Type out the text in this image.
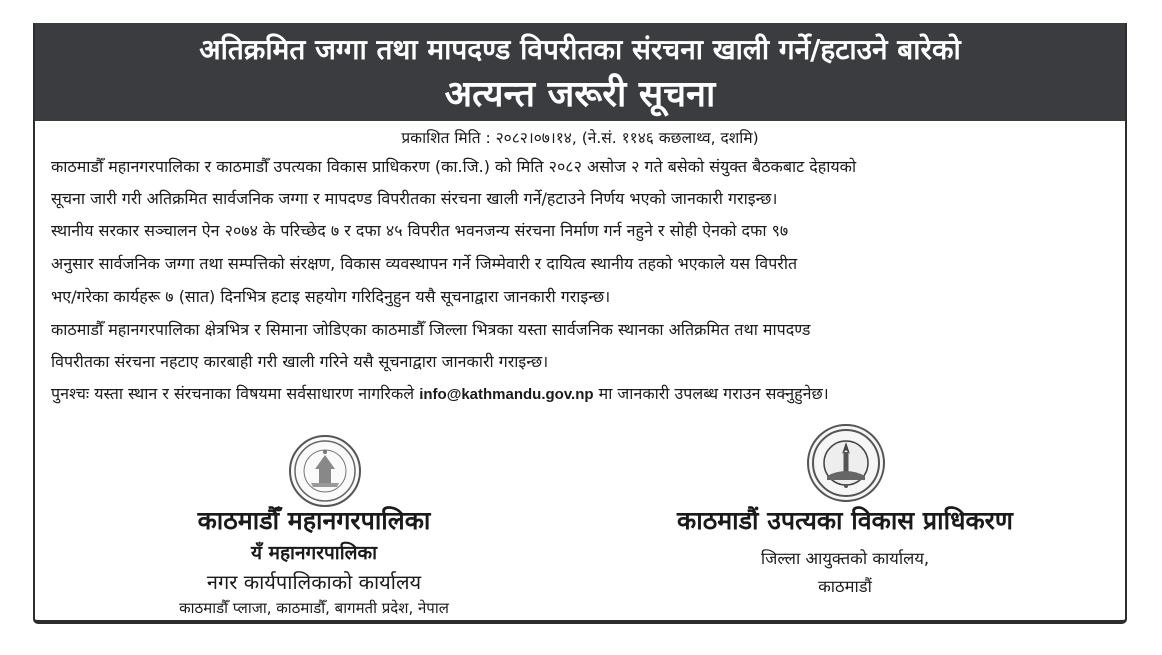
अतिक्रमित जग्गा तथा मापदण्ड विपरीतका संरचना खाली गर्ने/हटाउने बारेको
अत्यन्त जरूरी सूचना
प्रकाशित मिति : २०८२।०७।१४, (ने.सं. ११४६ कछलाथ्व, दशमि)
काठमाडौँ महानगरपालिका र काठमाडौँ उपत्यका विकास प्राधिकरण (का.जि.) को मिति २०८२ असोज २ गते बसेको संयुक्त बैठकबाट देहायको
सूचना जारी गरी अतिक्रमित सार्वजनिक जग्गा र मापदण्ड विपरीतका संरचना खाली गर्ने/हटाउने निर्णय भएको जानकारी गराइन्छ।
स्थानीय सरकार सञ्चालन ऐन २०७४ के परिच्छेद ७ र दफा ४५ विपरीत भवनजन्य संरचना निर्माण गर्न नहुने र सोही ऐनको दफा ९७
अनुसार सार्वजनिक जग्गा तथा सम्पत्तिको संरक्षण, विकास व्यवस्थापन गर्ने जिम्मेवारी र दायित्व स्थानीय तहको भएकाले यस विपरीत
भए/गरेका कार्यहरू ७ (सात) दिनभित्र हटाइ सहयोग गरिदिनुहुन यसै सूचनाद्वारा जानकारी गराइन्छ।
काठमाडौँ महानगरपालिका क्षेत्रभित्र र सिमाना जोडिएका काठमाडौँ जिल्ला भित्रका यस्ता सार्वजनिक स्थानका अतिक्रमित तथा मापदण्ड
विपरीतका संरचना नहटाए कारबाही गरी खाली गरिने यसै सूचनाद्वारा जानकारी गराइन्छ।
पुनश्चः यस्ता स्थान र संरचनाका विषयमा सर्वसाधारण नागरिकले info@kathmandu.gov.np मा जानकारी उपलब्ध गराउन सक्नुहुनेछ।
काठमाडौँ महानगरपालिका
यँ महानगरपालिका
नगर कार्यपालिकाको कार्यालय
काठमाडौँ प्लाजा, काठमाडौँ, बागमती प्रदेश, नेपाल
काठमाडौं उपत्यका विकास प्राधिकरण
जिल्ला आयुक्तको कार्यालय,
काठमाडौं
